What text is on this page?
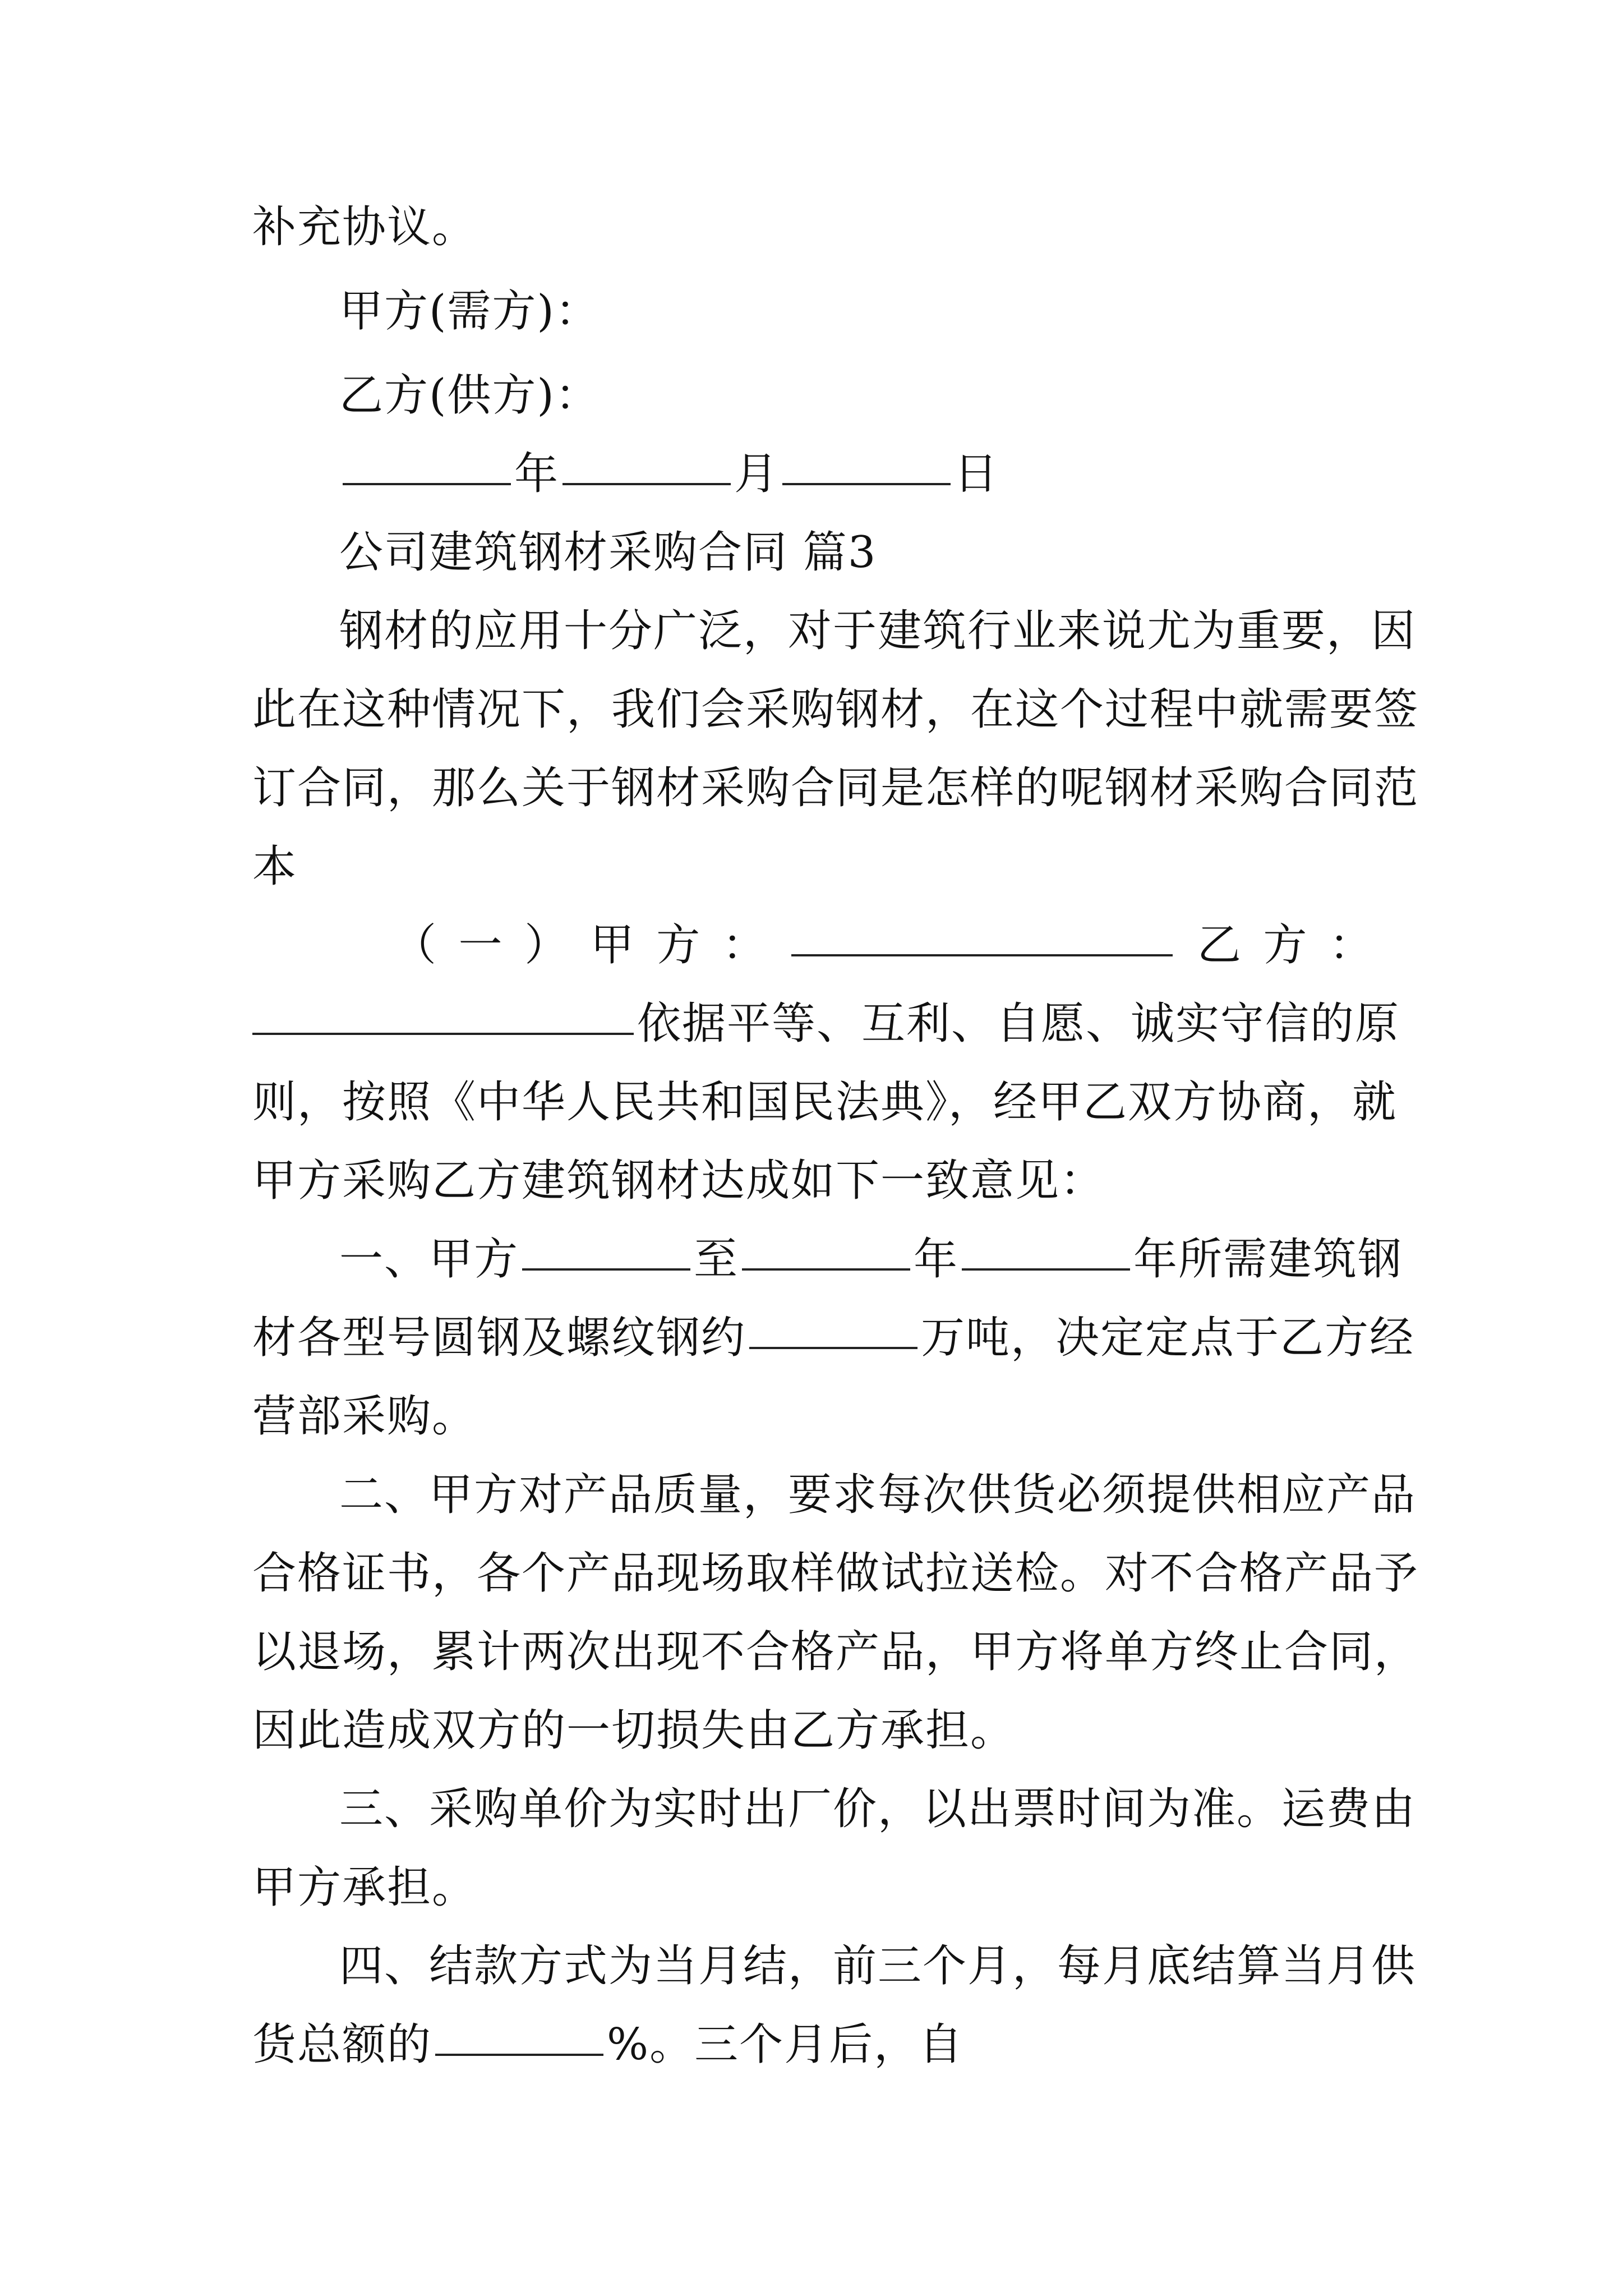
补充协议。
甲方(需方)：
乙方(供方)：
年	月	日
公司建筑钢材采购合同 篇3
钢材的应用十分广泛，对于建筑行业来说尤为重要，因
此在这种情况下，我们会采购钢材，在这个过程中就需要签
订合同，那么关于钢材采购合同是怎样的呢钢材采购合同范
本
（ 一 ） 甲 方 ：	乙 方 ：
依据平等、互利、自愿、诚实守信的原
则，按照《中华人民共和国民法典》，经甲乙双方协商，就
甲方采购乙方建筑钢材达成如下一致意见：
一、甲方	至	年	年所需建筑钢
材各型号圆钢及螺纹钢约	万吨，决定定点于乙方经
营部采购。
二、甲方对产品质量，要求每次供货必须提供相应产品
合格证书，各个产品现场取样做试拉送检。对不合格产品予
以退场，累计两次出现不合格产品，甲方将单方终止合同，
因此造成双方的一切损失由乙方承担。
三、采购单价为实时出厂价，以出票时间为准。运费由
甲方承担。
四、结款方式为当月结，前三个月，每月底结算当月供
货总额的	%。三个月后，自
